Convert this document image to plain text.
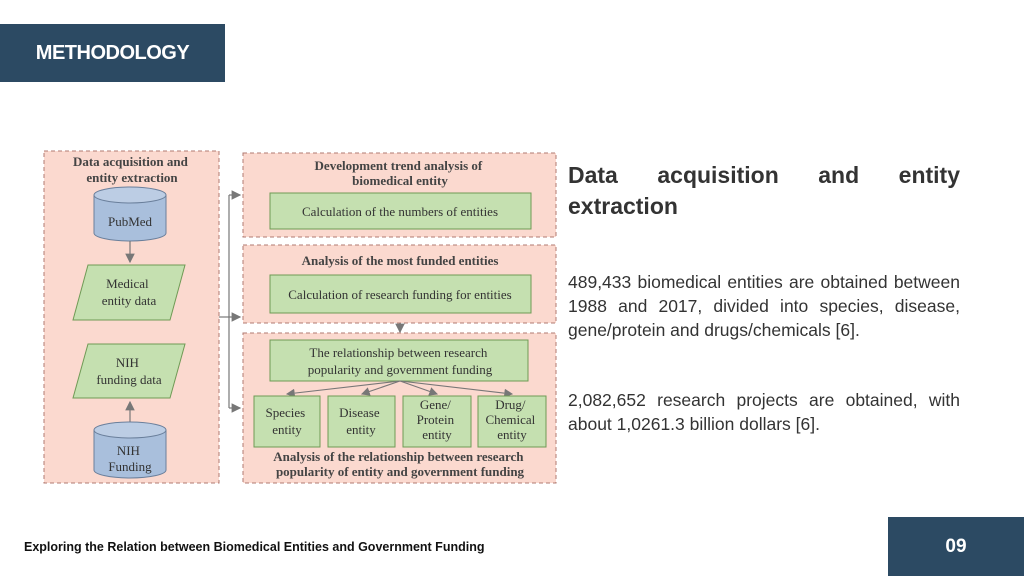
METHODOLOGY
Data acquisition and entity extraction
PubMed
Medical entity data
NIH funding data
NIH Funding
Development trend analysis of biomedical entity
Calculation of the numbers of entities
Analysis of the most funded entities
Calculation of research funding for entities
The relationship between research popularity and government funding
Species entity
Disease entity
Gene/ Protein entity
Drug/ Chemical entity
Analysis of the relationship between research popularity of entity and government funding
Data acquisition and entity
extraction
489,433 biomedical entities are obtained between 1988 and 2017, divided into species, disease, gene/protein and drugs/chemicals [6].
2,082,652 research projects are obtained, with about 1,0261.3 billion dollars [6].
Exploring the Relation between Biomedical Entities and Government Funding	09
